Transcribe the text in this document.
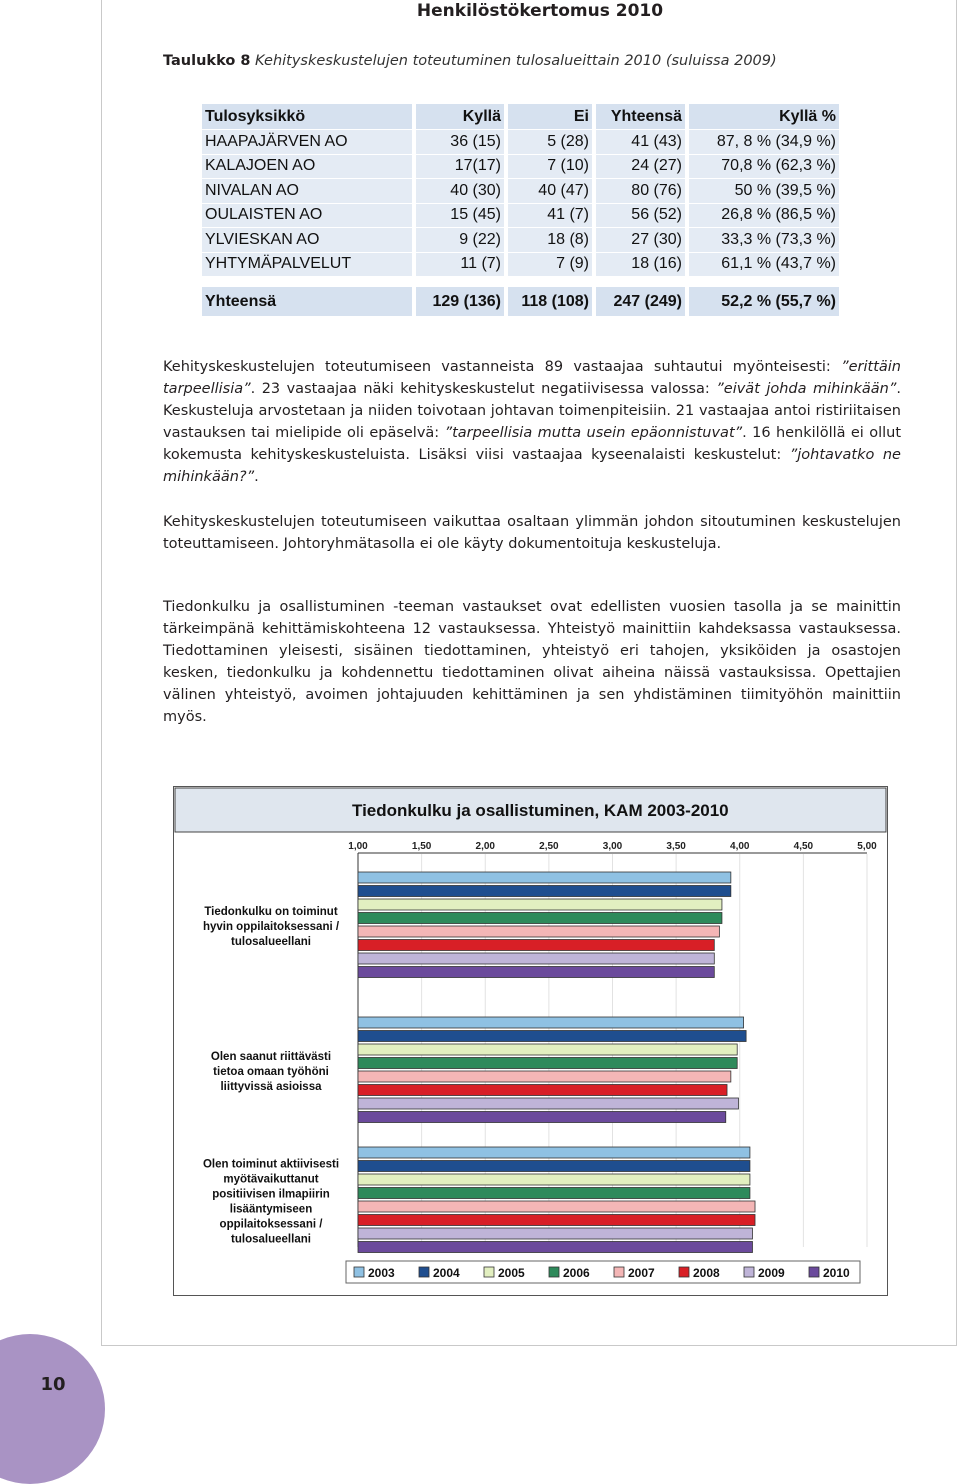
Henkilöstökertomus 2010
Taulukko 8 Kehityskeskustelujen toteutuminen tulosalueittain 2010 (suluissa 2009)
Tulosyksikkö	Kyllä	Ei	Yhteensä	Kyllä %
HAAPAJÄRVEN AO	36 (15)	5 (28)	41 (43)	87, 8 % (34,9 %)
KALAJOEN AO	17(17)	7 (10)	24 (27)	70,8 % (62,3 %)
NIVALAN AO	40 (30)	40 (47)	80 (76)	50 % (39,5 %)
OULAISTEN AO	15 (45)	41 (7)	56 (52)	26,8 % (86,5 %)
YLVIESKAN AO	9 (22)	18 (8)	27 (30)	33,3 % (73,3 %)
YHTYMÄPALVELUT	11 (7)	7 (9)	18 (16)	61,1 % (43,7 %)

Yhteensä	129 (136)	118 (108)	247 (249)	52,2 % (55,7 %)
Kehityskeskustelujen toteutumiseen vastanneista 89 vastaajaa suhtautui myönteisesti: ”erittäin tarpeellisia”. 23 vastaajaa näki kehityskeskustelut negatiivisessa valossa: ”eivät johda mihinkään”. Keskusteluja arvostetaan ja niiden toivotaan johtavan toimenpiteisiin. 21 vastaajaa antoi ristiriitaisen vastauksen tai mielipide oli epäselvä: ”tarpeellisia mutta usein epäonnistuvat”. 16 henkilöllä ei ollut kokemusta kehityskeskusteluista. Lisäksi viisi vastaajaa kyseenalaisti keskustelut: ”johtavatko ne mihinkään?”.
Kehityskeskustelujen toteutumiseen vaikuttaa osaltaan ylimmän johdon sitoutuminen keskustelujen toteuttamiseen. Johtoryhmätasolla ei ole käyty dokumentoituja keskusteluja.
Tiedonkulku ja osallistuminen -teeman vastaukset ovat edellisten vuosien tasolla ja se mainittin tärkeimpänä kehittämiskohteena 12 vastauksessa. Yhteistyö mainittiin kahdeksassa vastauksessa. Tiedottaminen yleisesti, sisäinen tiedottaminen, yhteistyö eri tahojen, yksiköiden ja osastojen kesken, tiedonkulku ja kohdennettu tiedottaminen olivat aiheina näissä vastauksissa. Opettajien välinen yhteistyö, avoimen johtajuuden kehittäminen ja sen yhdistäminen tiimityöhön mainittiin myös.
Tiedonkulku ja osallistuminen, KAM 2003-2010
1,00	1,50	2,00	2,50	3,00	3,50	4,00	4,50	5,00
Tiedonkulku on toiminut
hyvin oppilaitoksessani /
tulosalueellani
Olen saanut riittävästi
tietoa omaan työhöni
liittyvissä asioissa
Olen toiminut aktiivisesti
myötävaikuttanut
positiivisen ilmapiirin
lisääntymiseen
oppilaitoksessani /
tulosalueellani
2003	2004	2005	2006	2007	2008	2009	2010
10
